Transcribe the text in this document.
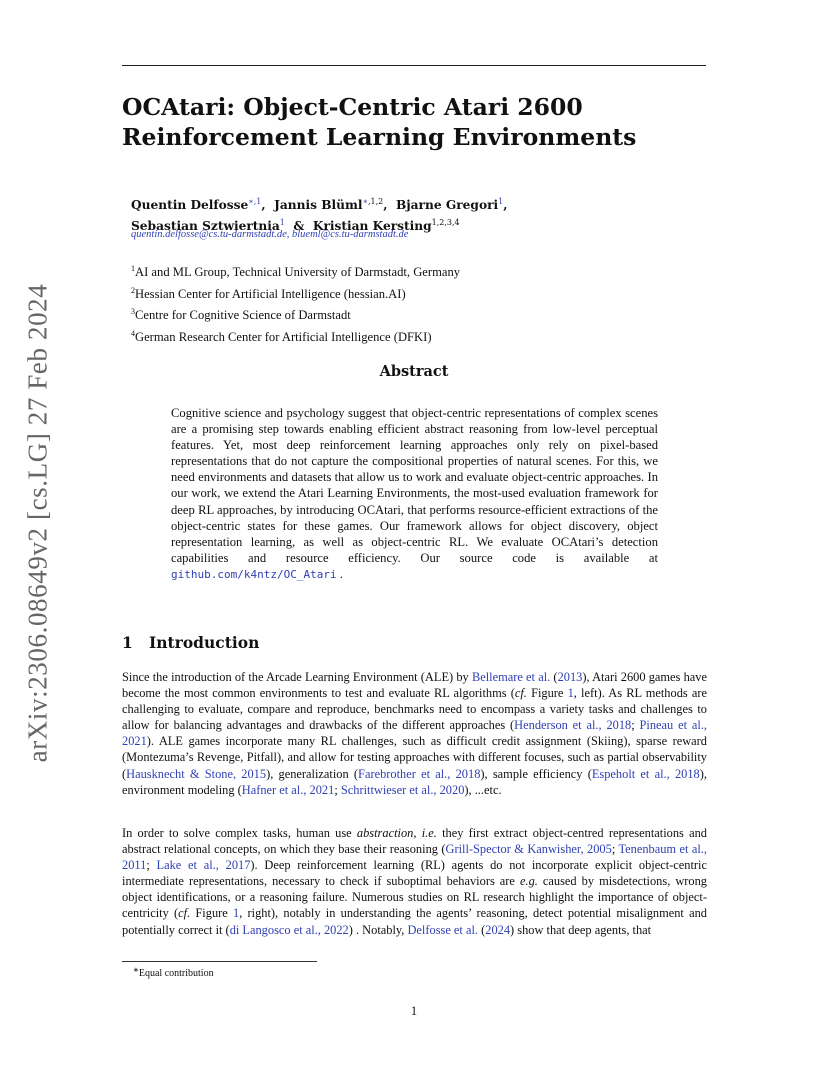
arXiv:2306.08649v2 [cs.LG] 27 Feb 2024
OCAtari: Object-Centric Atari 2600
Reinforcement Learning Environments
Quentin Delfosse$^{∗,1}$,  Jannis Blüml$^{∗,1,2}$,  Bjarne Gregori$^1$,
Sebastian Sztwiertnia$^1$ & Kristian Kersting$^{1,2,3,4}$
quentin.delfosse@cs.tu-darmstadt.de, blueml@cs.tu-darmstadt.de
$^1$AI and ML Group, Technical University of Darmstadt, Germany
$^2$Hessian Center for Artificial Intelligence (hessian.AI)
$^3$Centre for Cognitive Science of Darmstadt
$^4$German Research Center for Artificial Intelligence (DFKI)
Abstract
Cognitive science and psychology suggest that object-centric representations of complex scenes are a promising step towards enabling efficient abstract reasoning from low-level perceptual features. Yet, most deep reinforcement learning approaches only rely on pixel-based representations that do not capture the compositional properties of natural scenes. For this, we need environments and datasets that allow us to work and evaluate object-centric approaches. In our work, we extend the Atari Learning Environments, the most-used evaluation framework for deep RL approaches, by introducing OCAtari, that performs resource-efficient extractions of the object-centric states for these games. Our framework allows for object discovery, object representation learning, as well as object-centric RL. We evaluate OCAtari’s detection capabilities and resource efficiency. Our source code is available at github.com/k4ntz/OC_Atari .
1 Introduction

Since the introduction of the Arcade Learning Environment (ALE) by Bellemare et al. (2013), Atari 2600 games have become the most common environments to test and evaluate RL algorithms (cf. Figure 1, left). As RL methods are challenging to evaluate, compare and reproduce, benchmarks need to encompass a variety tasks and challenges to allow for balancing advantages and drawbacks of the different approaches (Henderson et al., 2018; Pineau et al., 2021). ALE games incorporate many RL challenges, such as difficult credit assignment (Skiing), sparse reward (Montezuma’s Revenge, Pitfall), and allow for testing approaches with different focuses, such as partial observability (Hausknecht & Stone, 2015), generalization (Farebrother et al., 2018), sample efficiency (Espeholt et al., 2018), environment modeling (Hafner et al., 2021; Schrittwieser et al., 2020), ...etc.

In order to solve complex tasks, human use abstraction, i.e. they first extract object-centred representations and abstract relational concepts, on which they base their reasoning (Grill-Spector & Kanwisher, 2005; Tenenbaum et al., 2011; Lake et al., 2017). Deep reinforcement learning (RL) agents do not incorporate explicit object-centric intermediate representations, necessary to check if suboptimal behaviors are e.g. caused by misdetections, wrong object identifications, or a reasoning failure. Numerous studies on RL research highlight the importance of object-centricity (cf. Figure 1, right), notably in understanding the agents’ reasoning, detect potential misalignment and potentially correct it (di Langosco et al., 2022) . Notably, Delfosse et al. (2024) show that deep agents, that

∗Equal contribution
1
